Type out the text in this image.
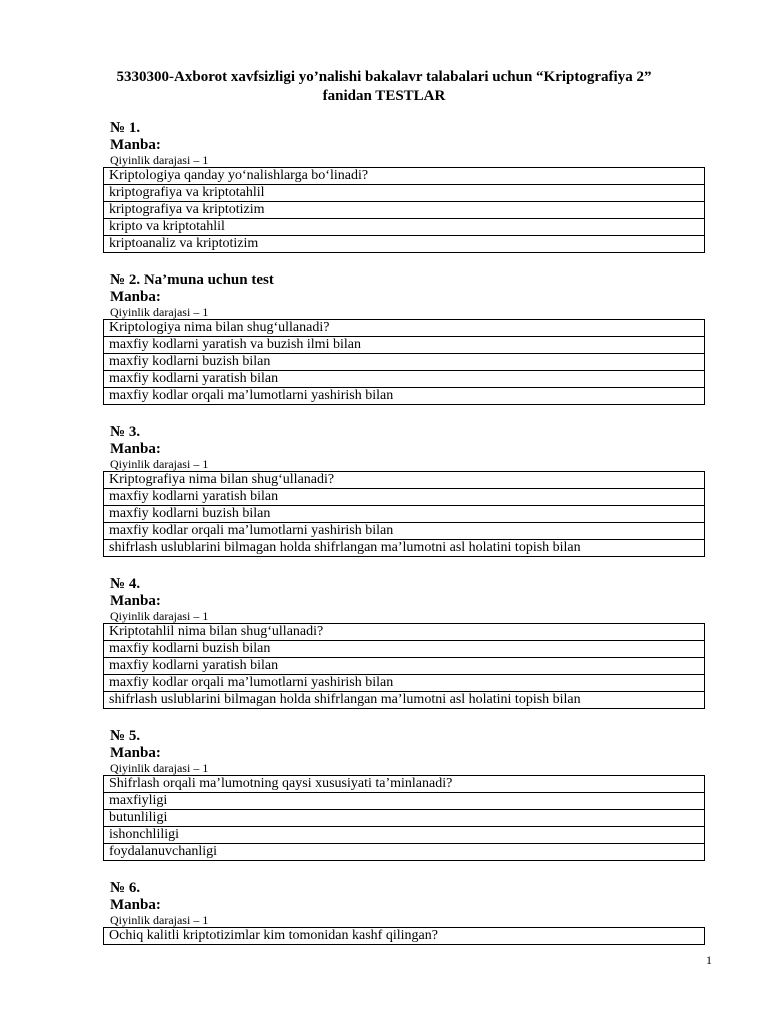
5330300-Axborot xavfsizligi yo’nalishi bakalavr talabalari uchun “Kriptografiya 2”
fanidan TESTLAR
№ 1.
Manba:
Qiyinlik darajasi – 1
Kriptologiya qanday yo‘nalishlarga bo‘linadi?
kriptografiya va kriptotahlil
kriptografiya va kriptotizim
kripto va kriptotahlil
kriptoanaliz va kriptotizim
№ 2. Na’muna uchun test
Manba:
Qiyinlik darajasi – 1
Kriptologiya nima bilan shug‘ullanadi?
maxfiy kodlarni yaratish va buzish ilmi bilan
maxfiy kodlarni buzish bilan
maxfiy kodlarni yaratish bilan
maxfiy kodlar orqali ma’lumotlarni yashirish bilan
№ 3.
Manba:
Qiyinlik darajasi – 1
Kriptografiya nima bilan shug‘ullanadi?
maxfiy kodlarni yaratish bilan
maxfiy kodlarni buzish bilan
maxfiy kodlar orqali ma’lumotlarni yashirish bilan
shifrlash uslublarini bilmagan holda shifrlangan ma’lumotni asl holatini topish bilan
№ 4.
Manba:
Qiyinlik darajasi – 1
Kriptotahlil nima bilan shug‘ullanadi?
maxfiy kodlarni buzish bilan
maxfiy kodlarni yaratish bilan
maxfiy kodlar orqali ma’lumotlarni yashirish bilan
shifrlash uslublarini bilmagan holda shifrlangan ma’lumotni asl holatini topish bilan
№ 5.
Manba:
Qiyinlik darajasi – 1
Shifrlash orqali ma’lumotning qaysi xususiyati ta’minlanadi?
maxfiyligi
butunliligi
ishonchliligi
foydalanuvchanligi
№ 6.
Manba:
Qiyinlik darajasi – 1
Ochiq kalitli kriptotizimlar kim tomonidan kashf qilingan?
1
